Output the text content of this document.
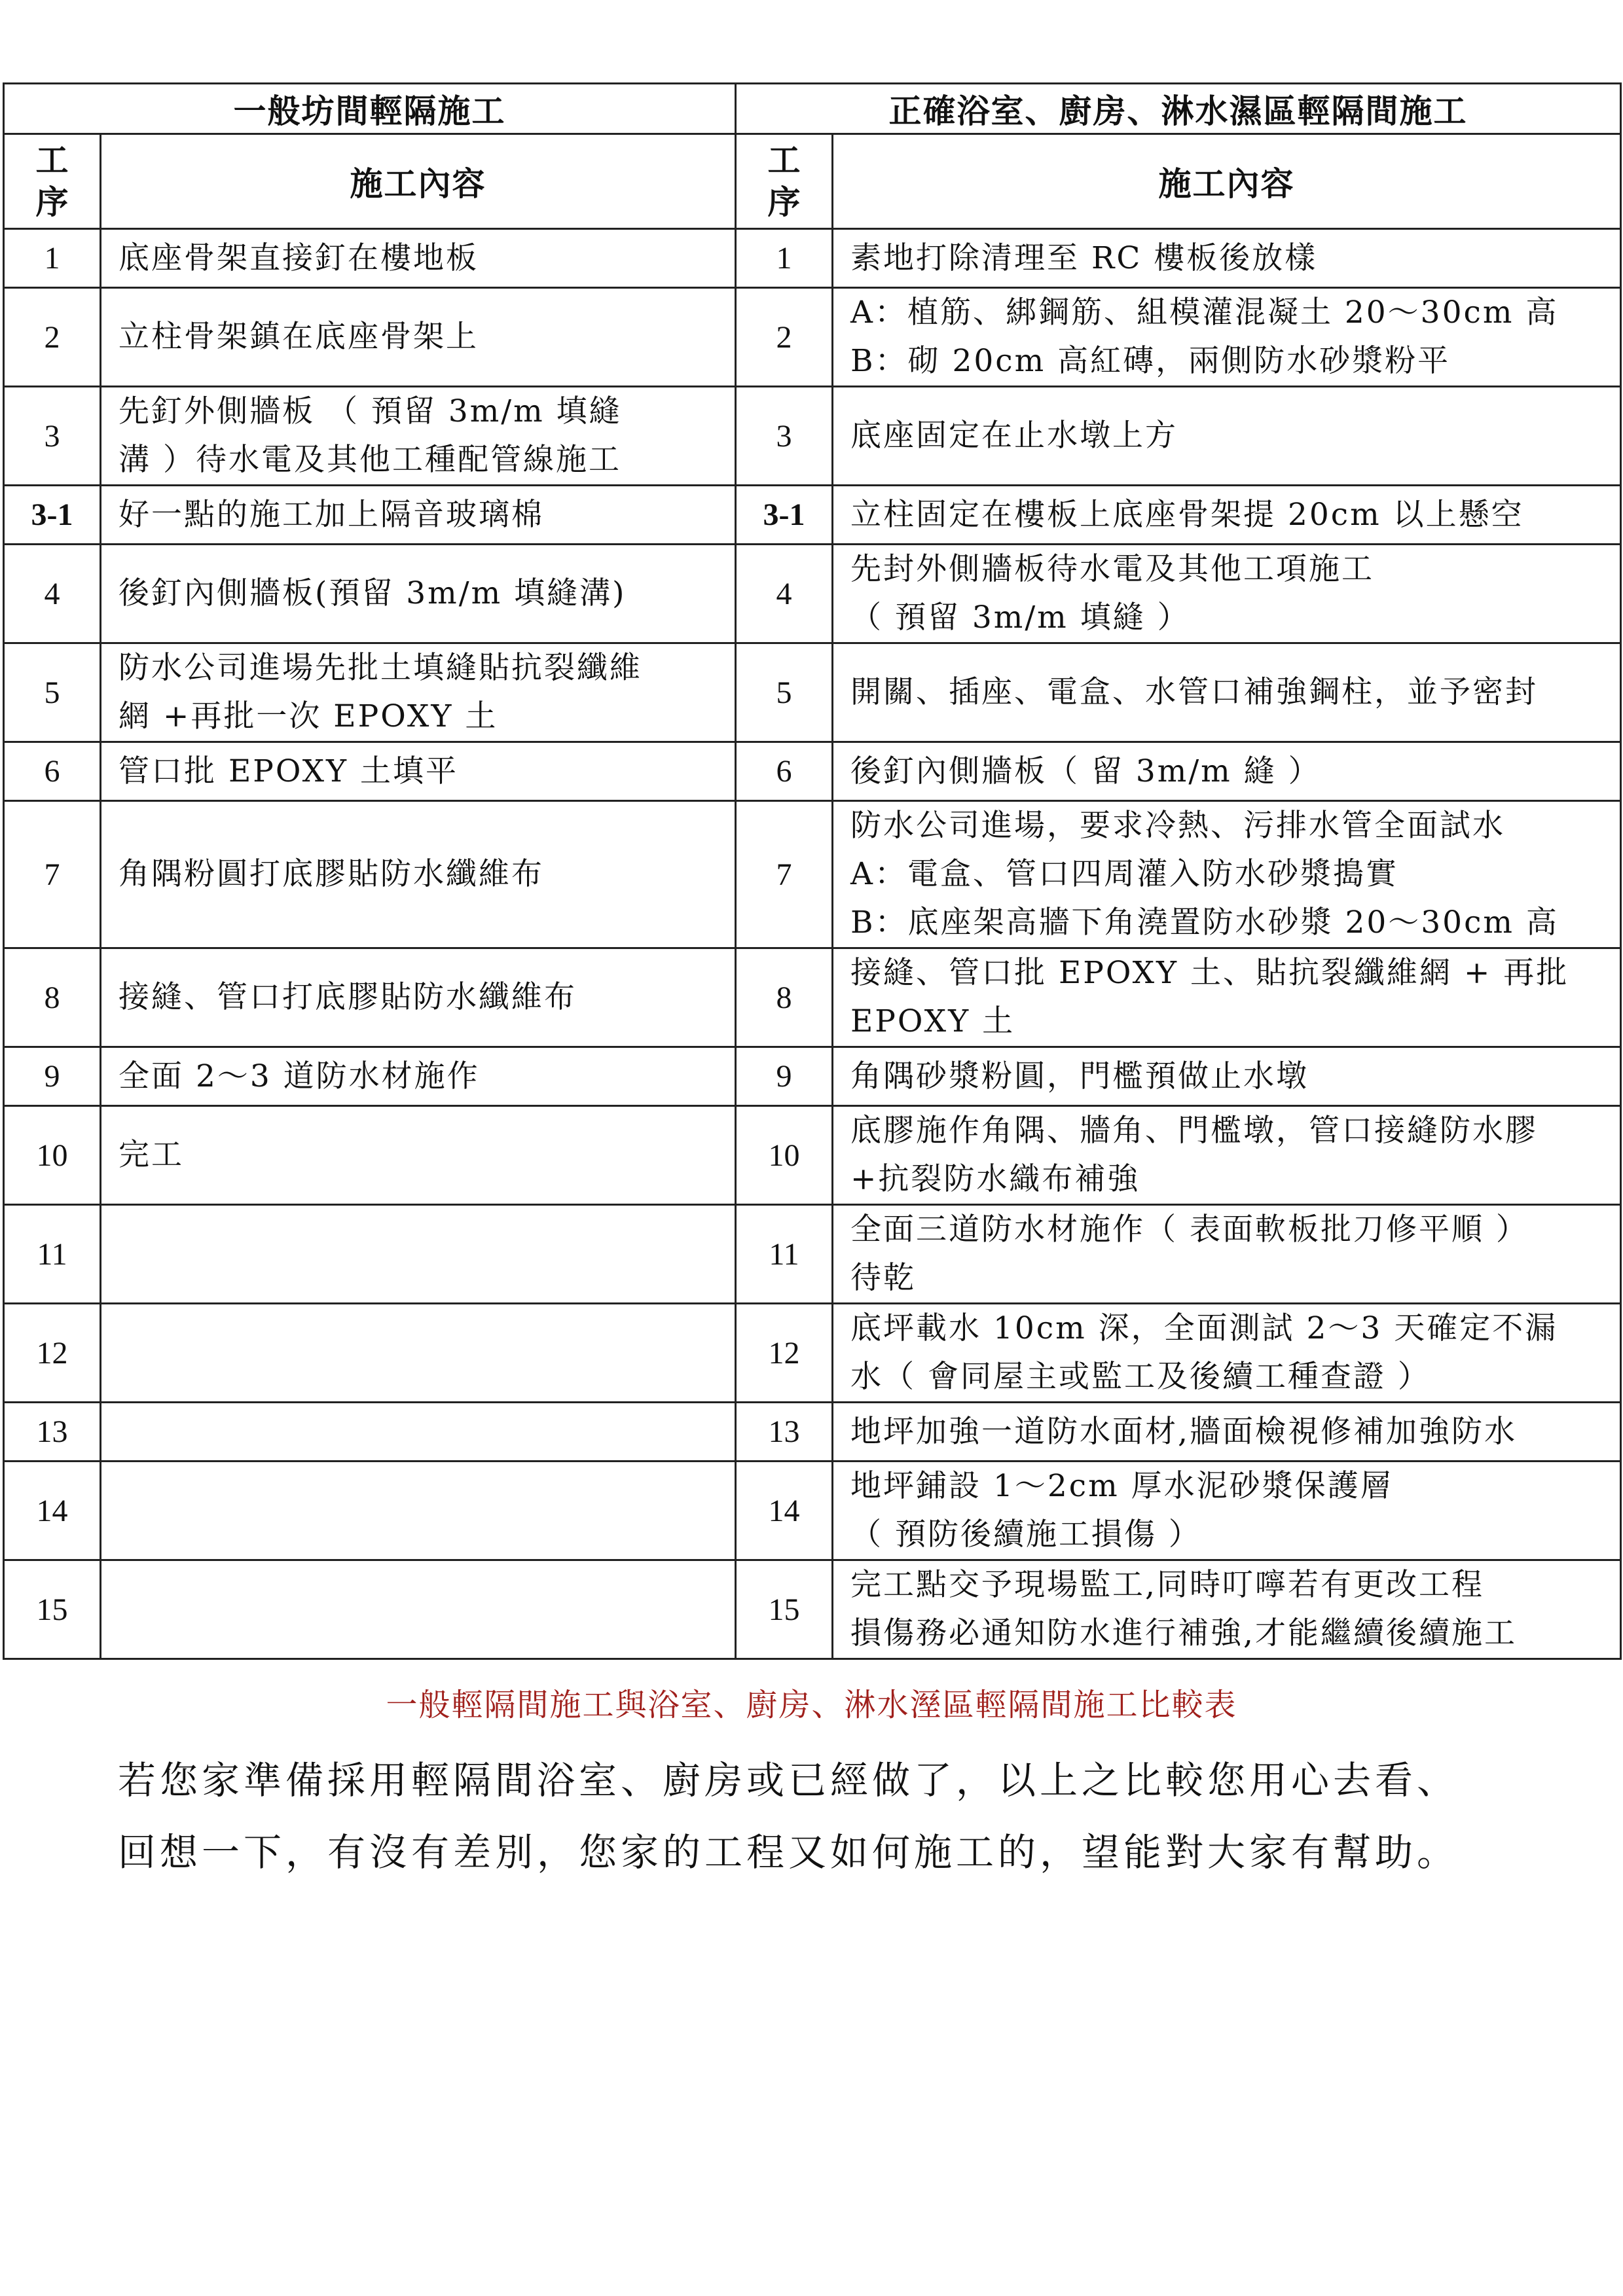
一般坊間輕隔施工		正確浴室、廚房、淋水濕區輕隔間施工	
工
序	施工內容	工
序	施工內容
1	底座骨架直接釘在樓地板	1	素地打除清理至 RC 樓板後放樣

2	立柱骨架鎮在底座骨架上	2	A：植筋、綁鋼筋、組模灌混凝土 20～30cm 高
B：砌 20cm 高紅磚，兩側防水砂漿粉平

3	先釘外側牆板 （ 預留 3m/m 填縫
溝 ）待水電及其他工種配管線施工	3	底座固定在止水墩上方

3-1	好一點的施工加上隔音玻璃棉	3-1	立柱固定在樓板上底座骨架提 20cm 以上懸空

4	後釘內側牆板(預留 3m/m 填縫溝)	4	先封外側牆板待水電及其他工項施工
（ 預留 3m/m 填縫 ）

5	防水公司進場先批土填縫貼抗裂纖維
網 +再批一次 EPOXY 土	5	開關、插座、電盒、水管口補強鋼柱，並予密封

6	管口批 EPOXY 土填平	6	後釘內側牆板（ 留 3m/m 縫 ）

7	角隅粉圓打底膠貼防水纖維布	7	防水公司進場，要求冷熱、污排水管全面試水
A：電盒、管口四周灌入防水砂漿搗實
B：底座架高牆下角澆置防水砂漿 20～30cm 高

8	接縫、管口打底膠貼防水纖維布	8	接縫、管口批 EPOXY 土、貼抗裂纖維網 + 再批
EPOXY 土

9	全面 2～3 道防水材施作	9	角隅砂漿粉圓，門檻預做止水墩

10	完工	10	底膠施作角隅、牆角、門檻墩，管口接縫防水膠
+抗裂防水織布補強

11		11	全面三道防水材施作（ 表面軟板批刀修平順 ）
待乾

12		12	底坪載水 10cm 深，全面測試 2～3 天確定不漏
水（ 會同屋主或監工及後續工種查證 ）

13		13	地坪加強一道防水面材,牆面檢視修補加強防水

14		14	地坪鋪設 1～2cm 厚水泥砂漿保護層
（ 預防後續施工損傷 ）

15		15	完工點交予現場監工,同時叮嚀若有更改工程
損傷務必通知防水進行補強,才能繼續後續施工
一般輕隔間施工與浴室、廚房、淋水溼區輕隔間施工比較表
若您家準備採用輕隔間浴室、廚房或已經做了，以上之比較您用心去看、
回想一下，有沒有差別，您家的工程又如何施工的，望能對大家有幫助。
